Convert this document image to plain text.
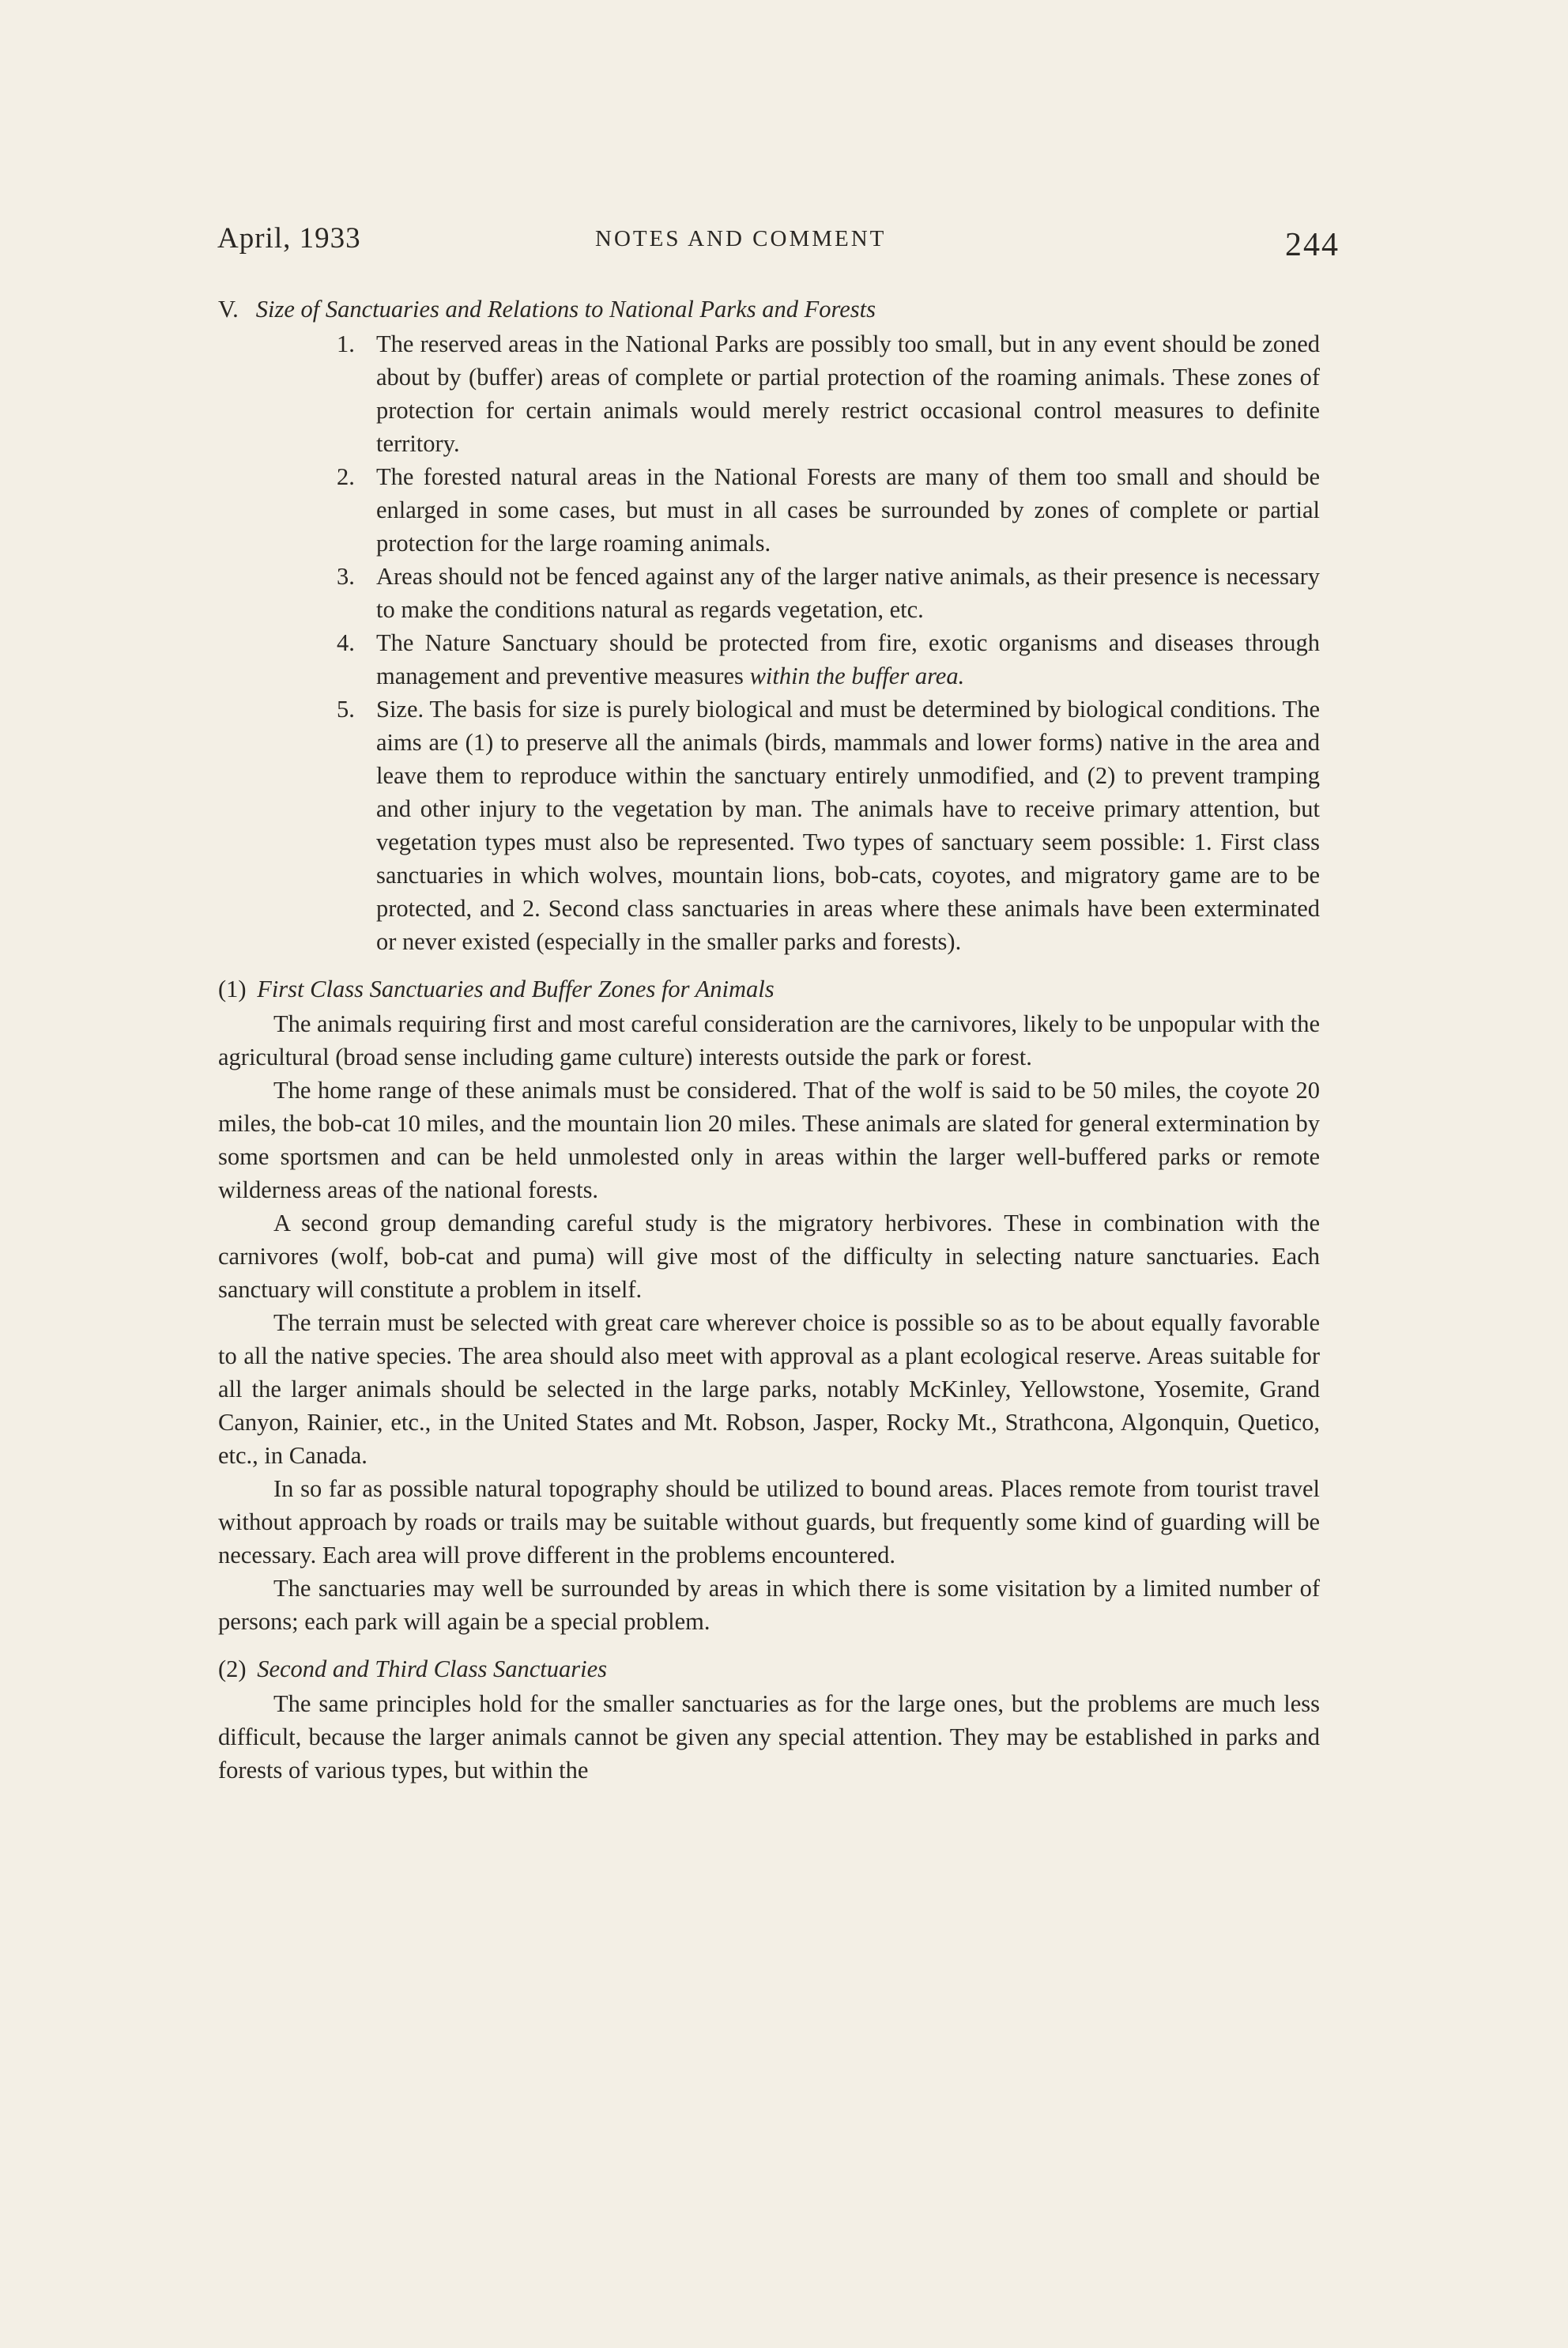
April, 1933	NOTES AND COMMENT	244
V. Size of Sanctuaries and Relations to National Parks and Forests
1. The reserved areas in the National Parks are possibly too small, but in any event should be zoned about by (buffer) areas of complete or partial protection of the roaming animals. These zones of protection for certain animals would merely restrict occasional control measures to definite territory.
2. The forested natural areas in the National Forests are many of them too small and should be enlarged in some cases, but must in all cases be surrounded by zones of complete or partial protection for the large roaming animals.
3. Areas should not be fenced against any of the larger native animals, as their presence is necessary to make the conditions natural as regards vegetation, etc.
4. The Nature Sanctuary should be protected from fire, exotic organisms and diseases through management and preventive measures within the buffer area.
5. Size. The basis for size is purely biological and must be determined by biological conditions. The aims are (1) to preserve all the animals (birds, mammals and lower forms) native in the area and leave them to reproduce within the sanctuary entirely unmodified, and (2) to prevent tramping and other injury to the vegetation by man. The animals have to receive primary attention, but vegetation types must also be represented. Two types of sanctuary seem possible: 1. First class sanctuaries in which wolves, mountain lions, bob-cats, coyotes, and migratory game are to be protected, and 2. Second class sanctuaries in areas where these animals have been exterminated or never existed (especially in the smaller parks and forests).
(1) First Class Sanctuaries and Buffer Zones for Animals

The animals requiring first and most careful consideration are the carnivores, likely to be unpopular with the agricultural (broad sense including game culture) interests outside the park or forest.

The home range of these animals must be considered. That of the wolf is said to be 50 miles, the coyote 20 miles, the bob-cat 10 miles, and the mountain lion 20 miles. These animals are slated for general extermination by some sportsmen and can be held unmolested only in areas within the larger well-buffered parks or remote wilderness areas of the national forests.

A second group demanding careful study is the migratory herbivores. These in combination with the carnivores (wolf, bob-cat and puma) will give most of the difficulty in selecting nature sanctuaries. Each sanctuary will constitute a problem in itself.

The terrain must be selected with great care wherever choice is possible so as to be about equally favorable to all the native species. The area should also meet with approval as a plant ecological reserve. Areas suitable for all the larger animals should be selected in the large parks, notably McKinley, Yellowstone, Yosemite, Grand Canyon, Rainier, etc., in the United States and Mt. Robson, Jasper, Rocky Mt., Strathcona, Algonquin, Quetico, etc., in Canada.

In so far as possible natural topography should be utilized to bound areas. Places remote from tourist travel without approach by roads or trails may be suitable without guards, but frequently some kind of guarding will be necessary. Each area will prove different in the problems encountered.

The sanctuaries may well be surrounded by areas in which there is some visitation by a limited number of persons; each park will again be a special problem.

(2) Second and Third Class Sanctuaries

The same principles hold for the smaller sanctuaries as for the large ones, but the problems are much less difficult, because the larger animals cannot be given any special attention. They may be established in parks and forests of various types, but within the
